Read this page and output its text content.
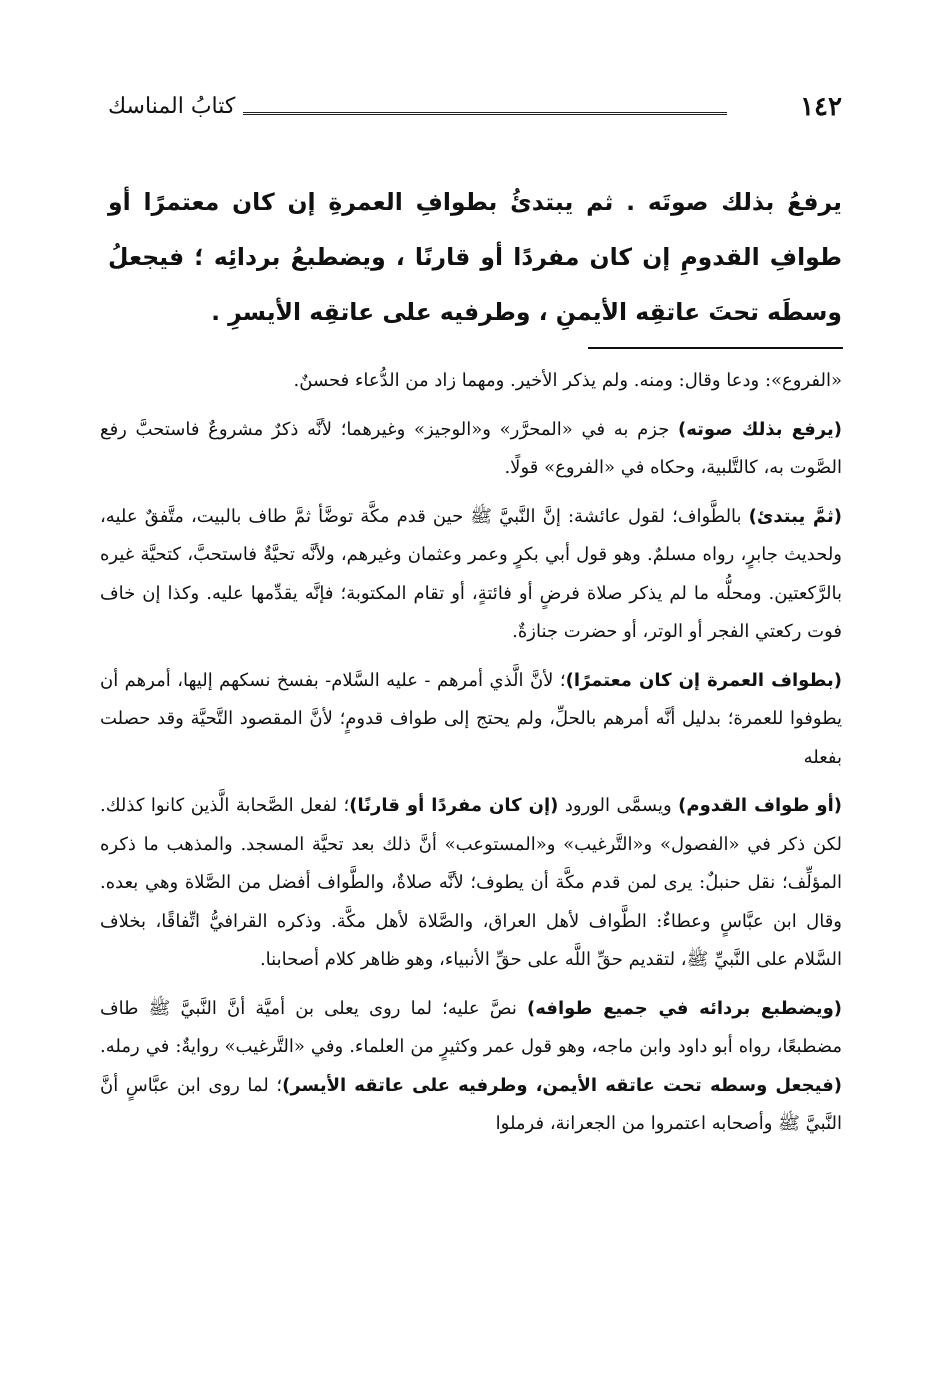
١٤٢
كتابُ المناسك

يرفعُ بذلك صوتَه . ثم يبتدئُ بطوافِ العمرةِ إن كان معتمرًا أو طوافِ القدومِ إن كان مفردًا أو قارنًا ، ويضطبعُ بردائِه ؛ فيجعلُ وسطَه تحتَ عاتقِه الأيمنِ ، وطرفيه على عاتقِه الأيسرِ .

«الفروع»: ودعا وقال: ومنه. ولم يذكر الأخير. ومهما زاد من الدُّعاء فحسنٌ.

(يرفع بذلك صوته) جزم به في «المحرَّر» و«الوجيز» وغيرهما؛ لأنَّه ذكرٌ مشروعٌ فاستحبَّ رفع الصَّوت به، كالتَّلبية، وحكاه في «الفروع» قولًا.

(ثمَّ يبتدئ) بالطَّواف؛ لقول عائشة: إنَّ النَّبيَّ ﷺ حين قدم مكَّة توضَّأ ثمَّ طاف بالبيت، متَّفقٌ عليه، ولحديث جابرٍ، رواه مسلمٌ. وهو قول أبي بكرٍ وعمر وعثمان وغيرهم، ولأنَّه تحيَّةٌ فاستحبَّ، كتحيَّة غيره بالرَّكعتين. ومحلُّه ما لم يذكر صلاة فرضٍ أو فائتةٍ، أو تقام المكتوبة؛ فإنَّه يقدِّمها عليه. وكذا إن خاف فوت ركعتي الفجر أو الوتر، أو حضرت جنازةٌ.

(بطواف العمرة إن كان معتمرًا)؛ لأنَّ الَّذي أمرهم - عليه السَّلام- بفسخ نسكهم إليها، أمرهم أن يطوفوا للعمرة؛ بدليل أنَّه أمرهم بالحلِّ، ولم يحتج إلى طواف قدومٍ؛ لأنَّ المقصود التَّحيَّة وقد حصلت بفعله

(أو طواف القدوم) ويسمَّى الورود (إن كان مفردًا أو قارنًا)؛ لفعل الصَّحابة الَّذين كانوا كذلك. لكن ذكر في «الفصول» و«التَّرغيب» و«المستوعب» أنَّ ذلك بعد تحيَّة المسجد. والمذهب ما ذكره المؤلِّف؛ نقل حنبلٌ: يرى لمن قدم مكَّة أن يطوف؛ لأنَّه صلاةٌ، والطَّواف أفضل من الصَّلاة وهي بعده. وقال ابن عبَّاسٍ وعطاءٌ: الطَّواف لأهل العراق، والصَّلاة لأهل مكَّة. وذكره القرافيُّ اتِّفاقًا، بخلاف السَّلام على النَّبيِّ ﷺ، لتقديم حقِّ اللَّه على حقِّ الأنبياء، وهو ظاهر كلام أصحابنا.

(ويضطبع بردائه في جميع طوافه) نصَّ عليه؛ لما روى يعلى بن أميَّة أنَّ النَّبيَّ ﷺ طاف مضطبعًا، رواه أبو داود وابن ماجه، وهو قول عمر وكثيرٍ من العلماء. وفي «التَّرغيب» روايةٌ: في رمله. (فيجعل وسطه تحت عاتقه الأيمن، وطرفيه على عاتقه الأيسر)؛ لما روى ابن عبَّاسٍ أنَّ النَّبيَّ ﷺ وأصحابه اعتمروا من الجعرانة، فرملوا
